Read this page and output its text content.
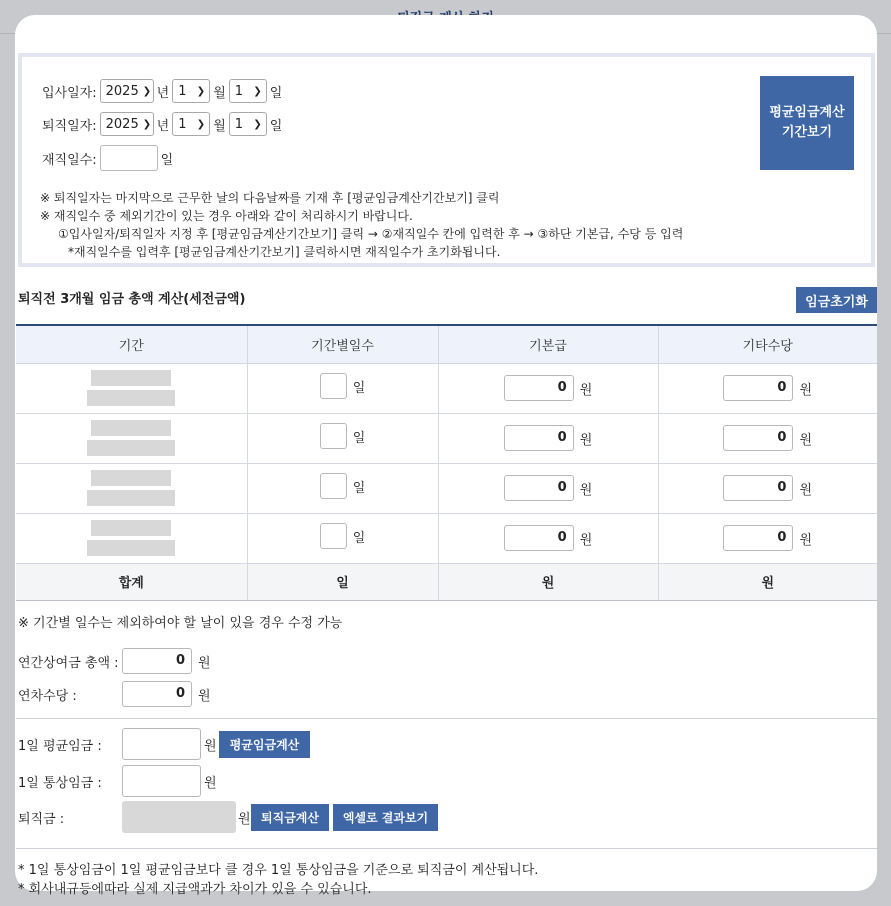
입사일자: 2025 ❯ 년 1 ❯ 월 1 ❯ 일
퇴직일자: 2025 ❯ 년 1 ❯ 월 1 ❯ 일
재직일수:	일
※ 퇴직일자는 마지막으로 근무한 날의 다음날짜를 기재 후 [평균임금계산기간보기] 클릭
※ 재직일수 중 제외기간이 있는 경우 아래와 같이 처리하시기 바랍니다.
①입사일자/퇴직일자 지정 후 [평균임금계산기간보기] 클릭 → ②재직일수 칸에 입력한 후 → ③하단 기본급, 수당 등 입력
*재직일수를 입력후 [평균임금계산기간보기] 클릭하시면 재직일수가 초기화됩니다.
평균임금계산
기간보기
퇴직전 3개월 임금 총액 계산(세전금액)	임금초기화
기간	기간별일수	기본급	기타수당

	일	0 원	0 원

	일	0 원	0 원

	일	0 원	0 원

	일	0 원	0 원

합계	일	원	원
※ 기간별 일수는 제외하여야 할 날이 있을 경우 수정 가능
연간상여금 총액 :	0	원
연차수당 :	0	원
1일 평균임금 :	원	평균임금계산
1일 통상임금 :	원
퇴직금 :	원 퇴직금계산	엑셀로 결과보기
* 1일 통상임금이 1일 평균임금보다 클 경우 1일 통상임금을 기준으로 퇴직금이 계산됩니다.
* 회사내규등에따라 실제 지급액과가 차이가 있을 수 있습니다.
